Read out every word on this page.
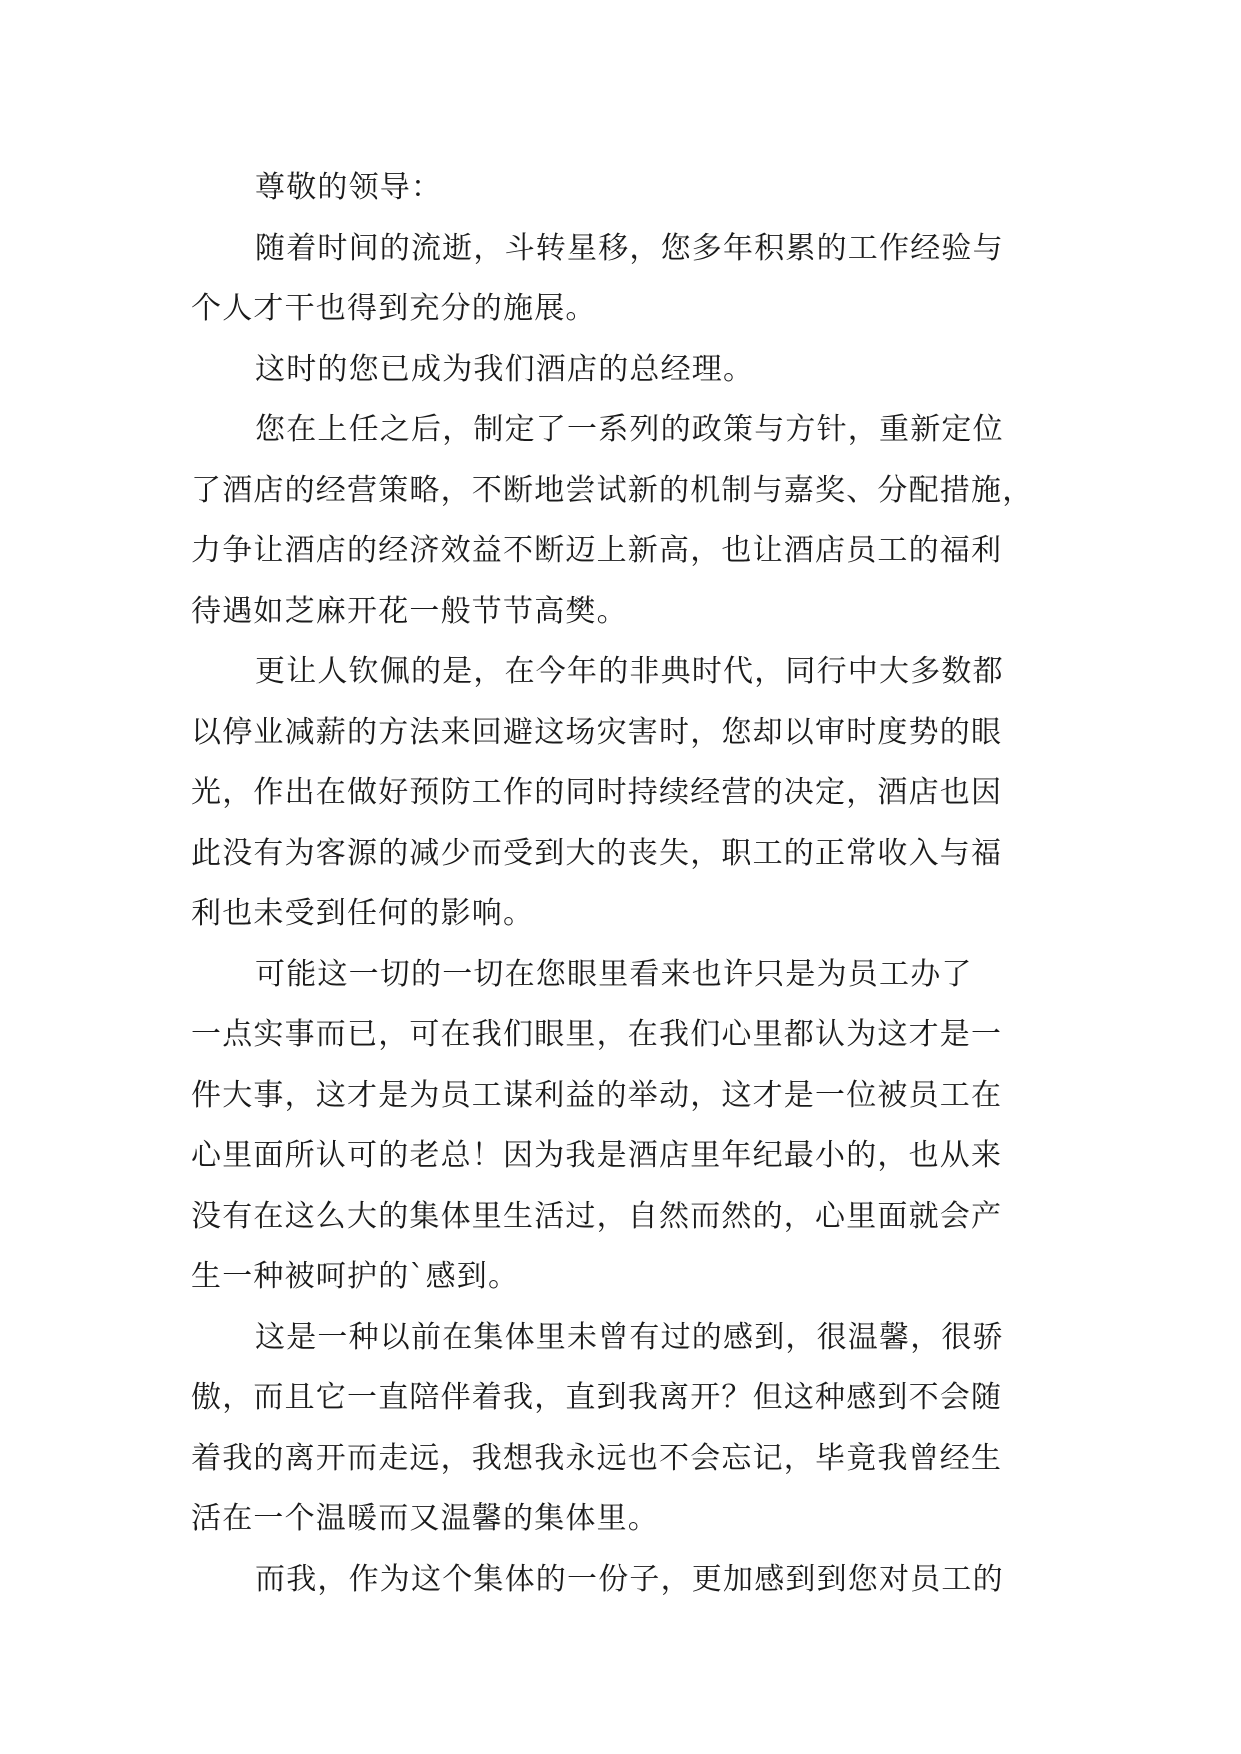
尊敬的领导：
随着时间的流逝，斗转星移，您多年积累的工作经验与
个人才干也得到充分的施展。
这时的您已成为我们酒店的总经理。
您在上任之后，制定了一系列的政策与方针，重新定位
了酒店的经营策略，不断地尝试新的机制与嘉奖、分配措施，
力争让酒店的经济效益不断迈上新高，也让酒店员工的福利
待遇如芝麻开花一般节节高樊。
更让人钦佩的是，在今年的非典时代，同行中大多数都
以停业减薪的方法来回避这场灾害时，您却以审时度势的眼
光，作出在做好预防工作的同时持续经营的决定，酒店也因
此没有为客源的减少而受到大的丧失，职工的正常收入与福
利也未受到任何的影响。
可能这一切的一切在您眼里看来也许只是为员工办了
一点实事而已，可在我们眼里，在我们心里都认为这才是一
件大事，这才是为员工谋利益的举动，这才是一位被员工在
心里面所认可的老总！因为我是酒店里年纪最小的，也从来
没有在这么大的集体里生活过，自然而然的，心里面就会产
生一种被呵护的`感到。
这是一种以前在集体里未曾有过的感到，很温馨，很骄
傲，而且它一直陪伴着我，直到我离开？但这种感到不会随
着我的离开而走远，我想我永远也不会忘记，毕竟我曾经生
活在一个温暖而又温馨的集体里。
而我，作为这个集体的一份子，更加感到到您对员工的
